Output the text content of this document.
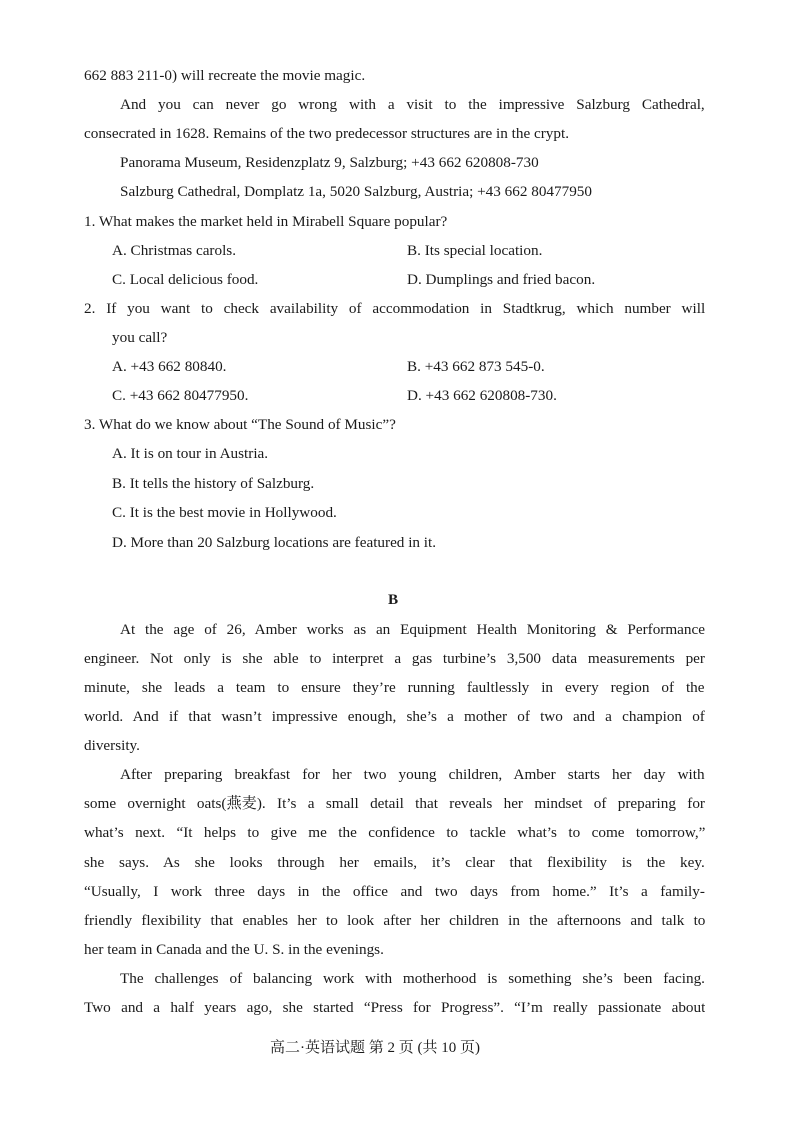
662 883 211-0) will recreate the movie magic.
And you can never go wrong with a visit to the impressive Salzburg Cathedral,
consecrated in 1628. Remains of the two predecessor structures are in the crypt.
Panorama Museum, Residenzplatz 9, Salzburg; +43 662 620808-730
Salzburg Cathedral, Domplatz 1a, 5020 Salzburg, Austria; +43 662 80477950
1. What makes the market held in Mirabell Square popular?
A. Christmas carols.	B. Its special location.
C. Local delicious food.	D. Dumplings and fried bacon.
2. If you want to check availability of accommodation in Stadtkrug, which number will
you call?
A. +43 662 80840.	B. +43 662 873 545-0.
C. +43 662 80477950.	D. +43 662 620808-730.
3. What do we know about “The Sound of Music”?
A. It is on tour in Austria.
B. It tells the history of Salzburg.
C. It is the best movie in Hollywood.
D. More than 20 Salzburg locations are featured in it.
B
At the age of 26, Amber works as an Equipment Health Monitoring & Performance
engineer. Not only is she able to interpret a gas turbine’s 3,500 data measurements per
minute, she leads a team to ensure they’re running faultlessly in every region of the
world. And if that wasn’t impressive enough, she’s a mother of two and a champion of
diversity.
After preparing breakfast for her two young children, Amber starts her day with
some overnight oats(燕麦). It’s a small detail that reveals her mindset of preparing for
what’s next. “It helps to give me the confidence to tackle what’s to come tomorrow,”
she says. As she looks through her emails, it’s clear that flexibility is the key.
“Usually, I work three days in the office and two days from home.” It’s a family-
friendly flexibility that enables her to look after her children in the afternoons and talk to
her team in Canada and the U. S. in the evenings.
The challenges of balancing work with motherhood is something she’s been facing.
Two and a half years ago, she started “Press for Progress”. “I’m really passionate about
高二·英语试题 第 2 页 (共 10 页)
